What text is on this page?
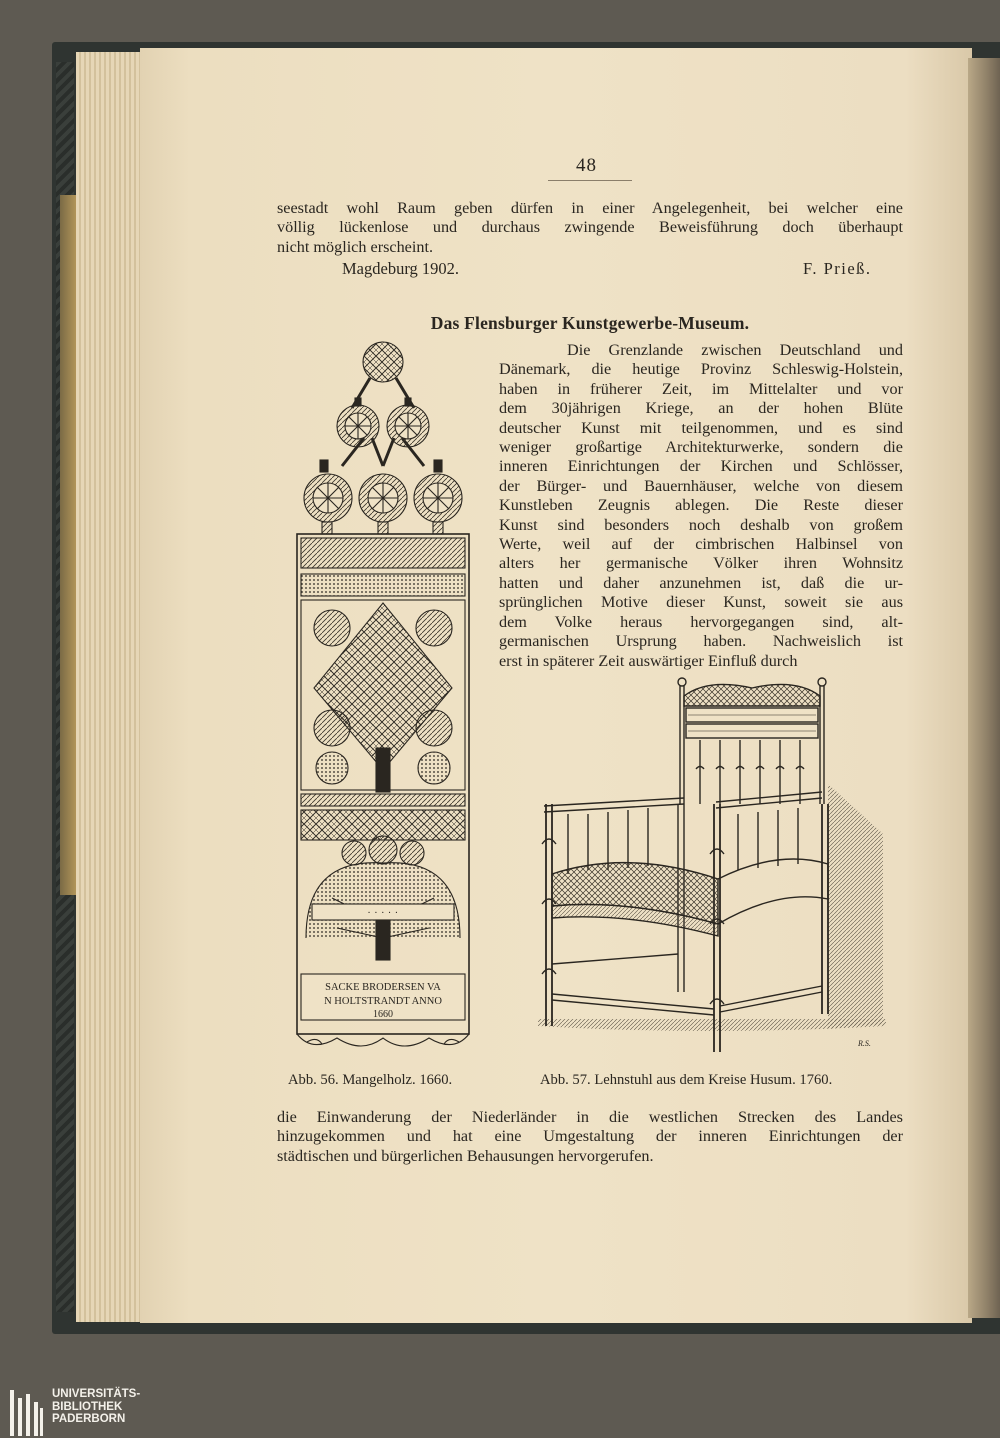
48

seestadt wohl Raum geben dürfen in einer Angelegenheit, bei welcher eine
völlig lückenlose und durchaus zwingende Beweisführung doch überhaupt
nicht möglich erscheint.

Magdeburg 1902.	F. Prieß.
Das Flensburger Kunstgewerbe-Museum.

Die Grenzlande zwischen Deutschland und
Dänemark, die heutige Provinz Schleswig-Holstein,
haben in früherer Zeit, im Mittelalter und vor
dem 30jährigen Kriege, an der hohen Blüte
deutscher Kunst mit teilgenommen, und es sind
weniger großartige Architekturwerke, sondern die
inneren Einrichtungen der Kirchen und Schlösser,
der Bürger- und Bauernhäuser, welche von diesem
Kunstleben Zeugnis ablegen. Die Reste dieser
Kunst sind besonders noch deshalb von großem
Werte, weil auf der cimbrischen Halbinsel von
alters her germanische Völker ihren Wohnsitz
hatten und daher anzunehmen ist, daß die ur-
sprünglichen Motive dieser Kunst, soweit sie aus
dem Volke heraus hervorgegangen sind, alt-
germanischen Ursprung haben. Nachweislich ist
erst in späterer Zeit auswärtiger Einfluß durch

· · · · ·
SACKE BRODERSEN VA
N HOLTSTRANDT ANNO
1660
R.S.
Abb. 56. Mangelholz. 1660.	Abb. 57. Lehnstuhl aus dem Kreise Husum. 1760.

die Einwanderung der Niederländer in die westlichen Strecken des Landes
hinzugekommen und hat eine Umgestaltung der inneren Einrichtungen der
städtischen und bürgerlichen Behausungen hervorgerufen.

UNIVERSITÄTS-
BIBLIOTHEK
PADERBORN
